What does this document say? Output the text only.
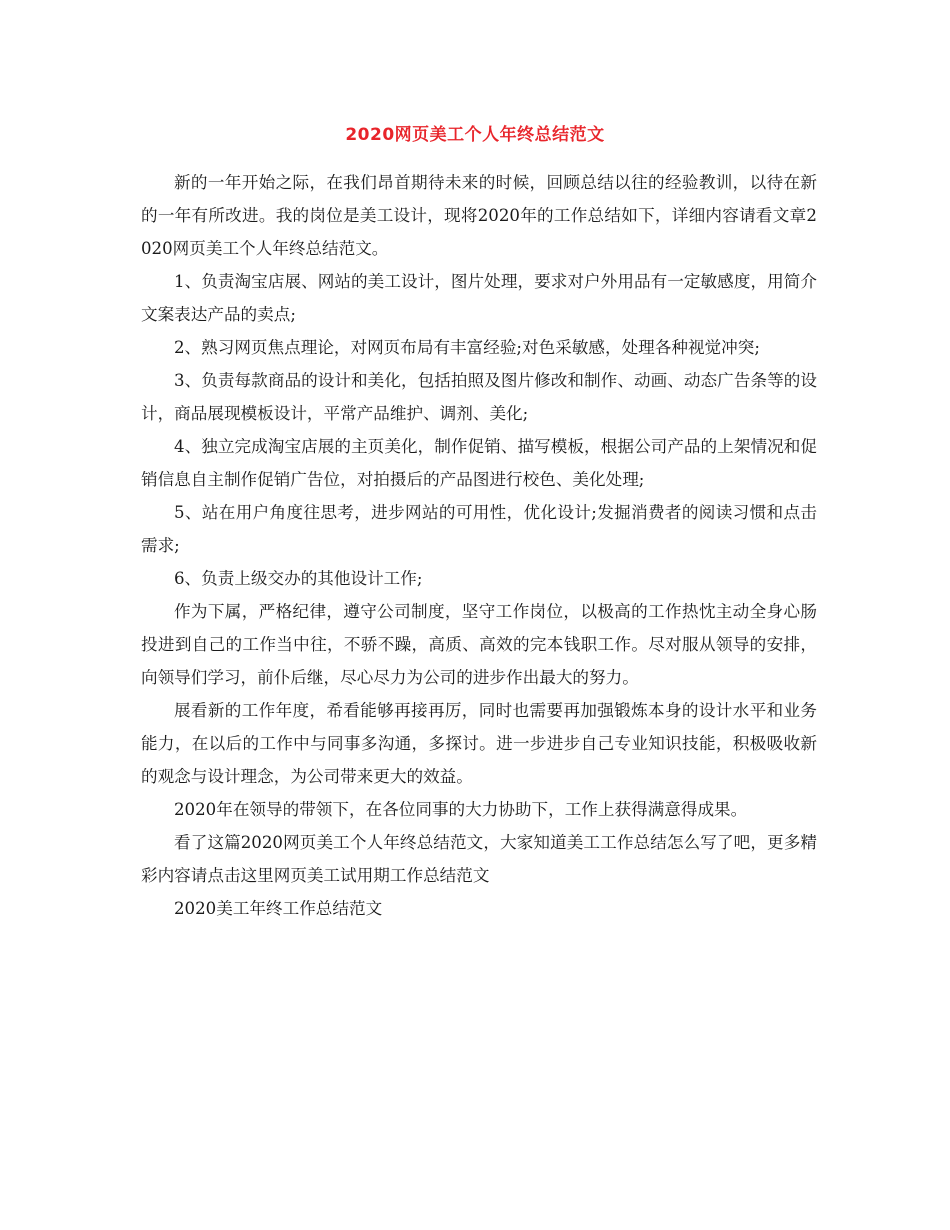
2020网页美工个人年终总结范文

新的一年开始之际，在我们昂首期待未来的时候，回顾总结以往的经验教训，以待在新的一年有所改进。我的岗位是美工设计，现将2020年的工作总结如下，详细内容请看文章2020网页美工个人年终总结范文。

1、负责淘宝店展、网站的美工设计，图片处理，要求对户外用品有一定敏感度，用简介文案表达产品的卖点;

2、熟习网页焦点理论，对网页布局有丰富经验;对色采敏感，处理各种视觉冲突;

3、负责每款商品的设计和美化，包括拍照及图片修改和制作、动画、动态广告条等的设计，商品展现模板设计，平常产品维护、调剂、美化;

4、独立完成淘宝店展的主页美化，制作促销、描写模板，根据公司产品的上架情况和促销信息自主制作促销广告位，对拍摄后的产品图进行校色、美化处理;

5、站在用户角度往思考，进步网站的可用性，优化设计;发掘消费者的阅读习惯和点击需求;

6、负责上级交办的其他设计工作;

作为下属，严格纪律，遵守公司制度，坚守工作岗位，以极高的工作热忱主动全身心肠投进到自己的工作当中往，不骄不躁，高质、高效的完本钱职工作。尽对服从领导的安排，向领导们学习，前仆后继，尽心尽力为公司的进步作出最大的努力。

展看新的工作年度，希看能够再接再厉，同时也需要再加强锻炼本身的设计水平和业务能力，在以后的工作中与同事多沟通，多探讨。进一步进步自己专业知识技能，积极吸收新的观念与设计理念，为公司带来更大的效益。

2020年在领导的带领下，在各位同事的大力协助下，工作上获得满意得成果。

看了这篇2020网页美工个人年终总结范文，大家知道美工工作总结怎么写了吧，更多精彩内容请点击这里网页美工试用期工作总结范文

2020美工年终工作总结范文
